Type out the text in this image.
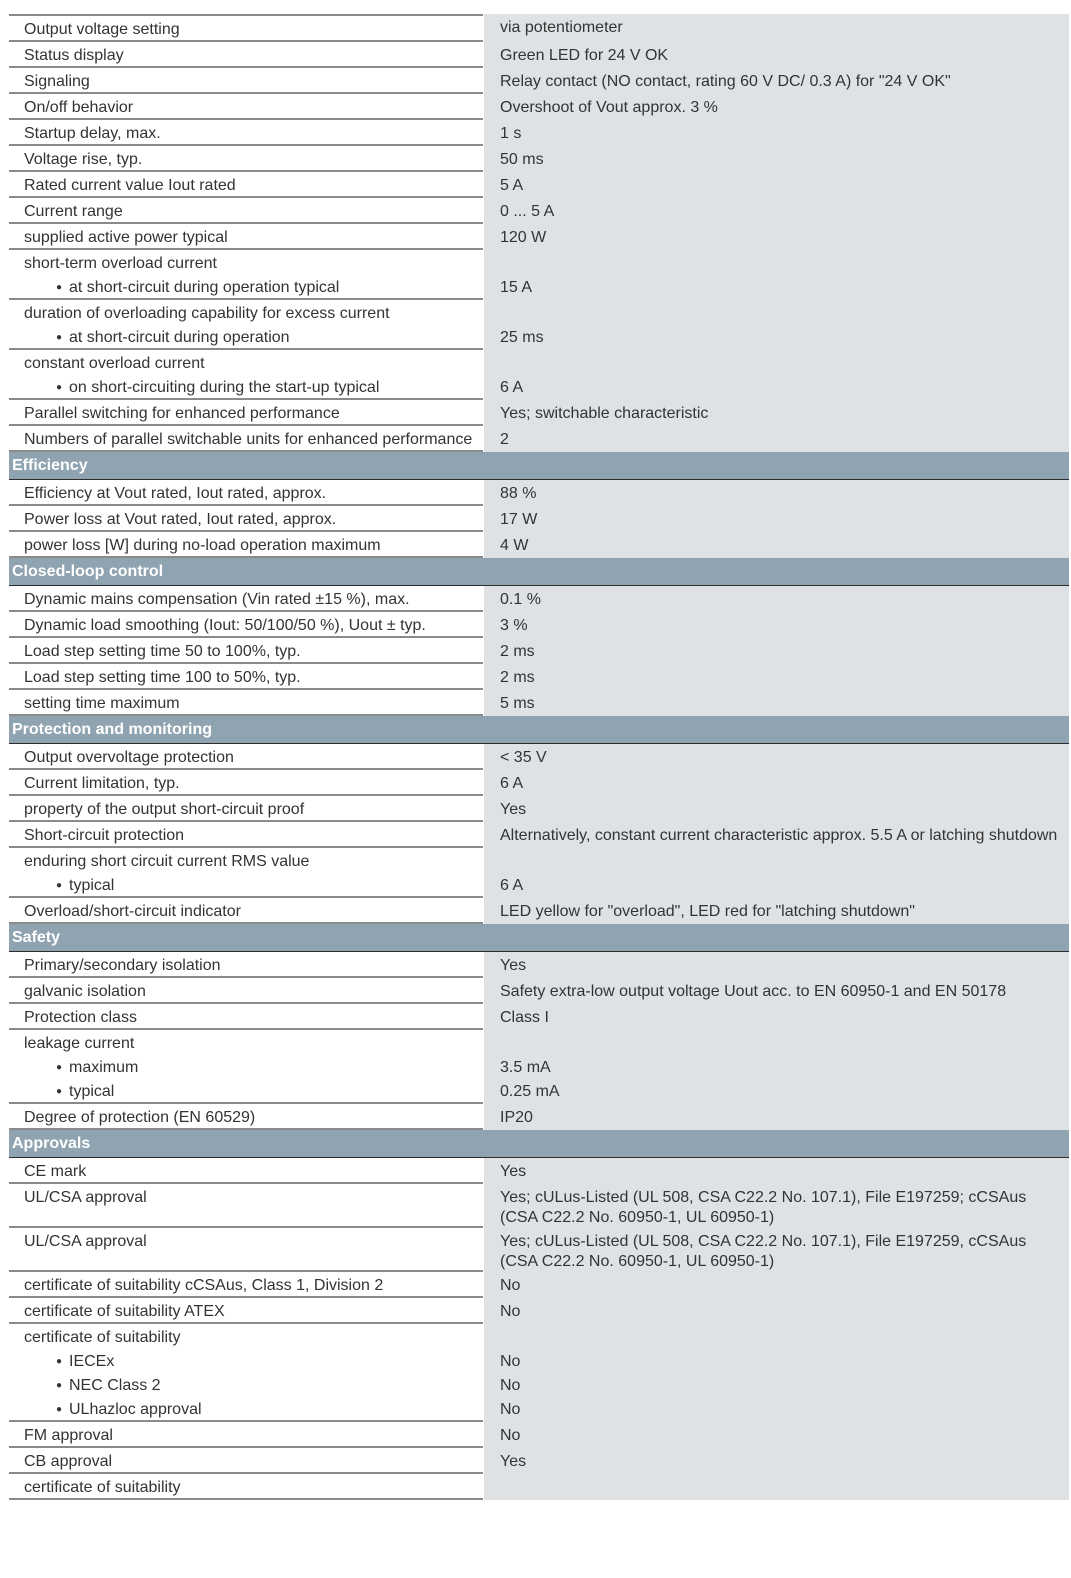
Output voltage setting	via potentiometer
Status display	Green LED for 24 V OK
Signaling	Relay contact (NO contact, rating 60 V DC/ 0.3 A) for "24 V OK"
On/off behavior	Overshoot of Vout approx. 3 %
Startup delay, max.	1 s
Voltage rise, typ.	50 ms
Rated current value Iout rated	5 A
Current range	0 ... 5 A
supplied active power typical	120 W
short-term overload current
● at short-circuit during operation typical	15 A
duration of overloading capability for excess current
● at short-circuit during operation	25 ms
constant overload current
● on short-circuiting during the start-up typical	6 A
Parallel switching for enhanced performance	Yes; switchable characteristic
Numbers of parallel switchable units for enhanced performance	2
Efficiency
Efficiency at Vout rated, Iout rated, approx.	88 %
Power loss at Vout rated, Iout rated, approx.	17 W
power loss [W] during no-load operation maximum	4 W
Closed-loop control
Dynamic mains compensation (Vin rated ±15 %), max.	0.1 %
Dynamic load smoothing (Iout: 50/100/50 %), Uout ± typ.	3 %
Load step setting time 50 to 100%, typ.	2 ms
Load step setting time 100 to 50%, typ.	2 ms
setting time maximum	5 ms
Protection and monitoring
Output overvoltage protection	< 35 V
Current limitation, typ.	6 A
property of the output short-circuit proof	Yes
Short-circuit protection	Alternatively, constant current characteristic approx. 5.5 A or latching shutdown
enduring short circuit current RMS value
● typical	6 A
Overload/short-circuit indicator	LED yellow for "overload", LED red for "latching shutdown"
Safety
Primary/secondary isolation	Yes
galvanic isolation	Safety extra-low output voltage Uout acc. to EN 60950-1 and EN 50178
Protection class	Class I
leakage current
● maximum	3.5 mA
● typical	0.25 mA
Degree of protection (EN 60529)	IP20
Approvals
CE mark	Yes
UL/CSA approval	Yes; cULus-Listed (UL 508, CSA C22.2 No. 107.1), File E197259; cCSAus (CSA C22.2 No. 60950-1, UL 60950-1)
UL/CSA approval	Yes; cULus-Listed (UL 508, CSA C22.2 No. 107.1), File E197259, cCSAus (CSA C22.2 No. 60950-1, UL 60950-1)
certificate of suitability cCSAus, Class 1, Division 2	No
certificate of suitability ATEX	No
certificate of suitability
● IECEx	No
● NEC Class 2	No
● ULhazloc approval	No
FM approval	No
CB approval	Yes
certificate of suitability
